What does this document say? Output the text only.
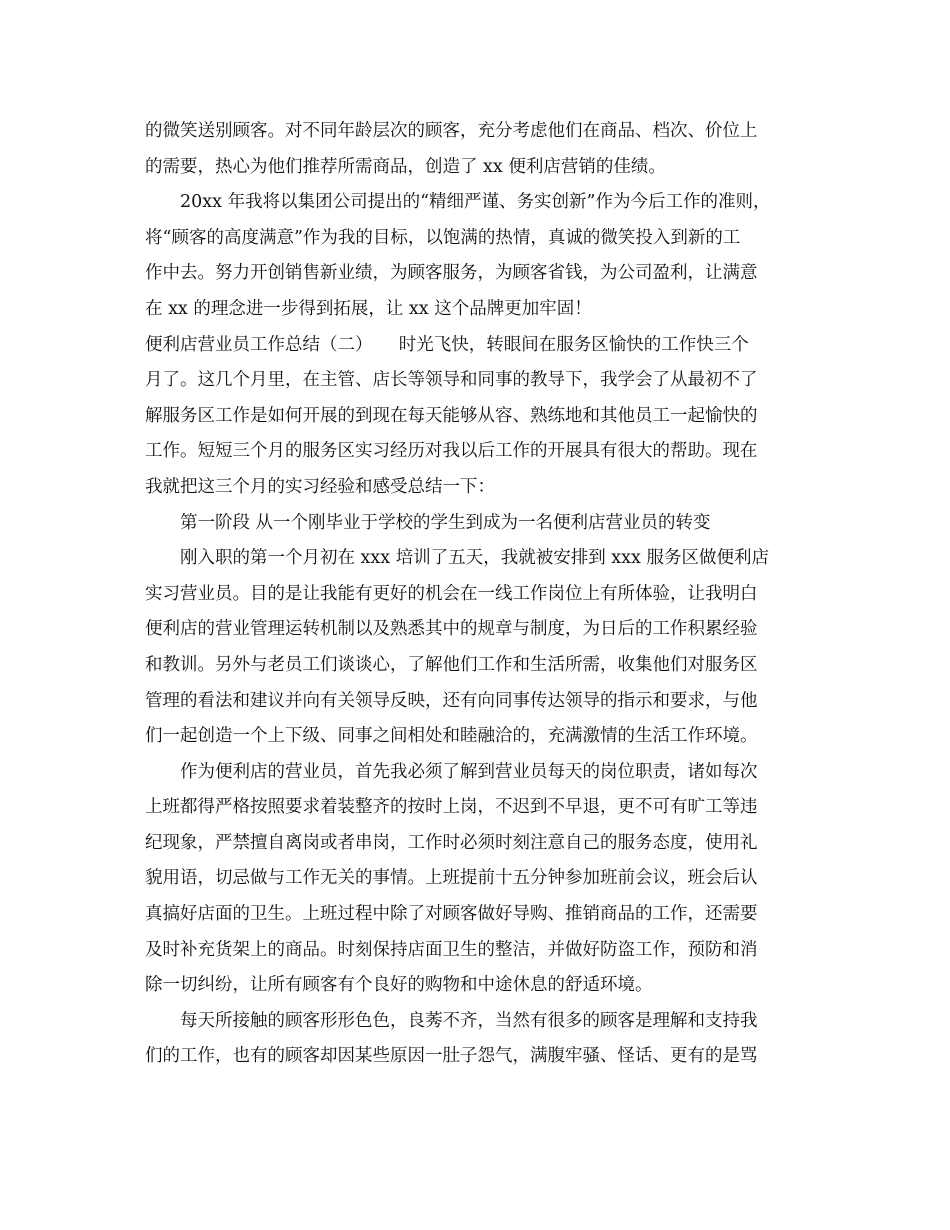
的微笑送别顾客。对不同年龄层次的顾客，充分考虑他们在商品、档次、价位上
的需要，热心为他们推荐所需商品，创造了 xx 便利店营销的佳绩。
20xx 年我将以集团公司提出的“精细严谨、务实创新”作为今后工作的准则，
将“顾客的高度满意”作为我的目标，以饱满的热情，真诚的微笑投入到新的工
作中去。努力开创销售新业绩，为顾客服务，为顾客省钱，为公司盈利，让满意
在 xx 的理念进一步得到拓展，让 xx 这个品牌更加牢固！
便利店营业员工作总结（二）　　时光飞快，转眼间在服务区愉快的工作快三个
月了。这几个月里，在主管、店长等领导和同事的教导下，我学会了从最初不了
解服务区工作是如何开展的到现在每天能够从容、熟练地和其他员工一起愉快的
工作。短短三个月的服务区实习经历对我以后工作的开展具有很大的帮助。现在
我就把这三个月的实习经验和感受总结一下：
第一阶段 从一个刚毕业于学校的学生到成为一名便利店营业员的转变
刚入职的第一个月初在 xxx 培训了五天，我就被安排到 xxx 服务区做便利店
实习营业员。目的是让我能有更好的机会在一线工作岗位上有所体验，让我明白
便利店的营业管理运转机制以及熟悉其中的规章与制度，为日后的工作积累经验
和教训。另外与老员工们谈谈心，了解他们工作和生活所需，收集他们对服务区
管理的看法和建议并向有关领导反映，还有向同事传达领导的指示和要求，与他
们一起创造一个上下级、同事之间相处和睦融洽的，充满激情的生活工作环境。
作为便利店的营业员，首先我必须了解到营业员每天的岗位职责，诸如每次
上班都得严格按照要求着装整齐的按时上岗，不迟到不早退，更不可有旷工等违
纪现象，严禁擅自离岗或者串岗，工作时必须时刻注意自己的服务态度，使用礼
貌用语，切忌做与工作无关的事情。上班提前十五分钟参加班前会议，班会后认
真搞好店面的卫生。上班过程中除了对顾客做好导购、推销商品的工作，还需要
及时补充货架上的商品。时刻保持店面卫生的整洁，并做好防盗工作，预防和消
除一切纠纷，让所有顾客有个良好的购物和中途休息的舒适环境。
每天所接触的顾客形形色色，良莠不齐，当然有很多的顾客是理解和支持我
们的工作，也有的顾客却因某些原因一肚子怨气，满腹牢骚、怪话、更有的是骂
